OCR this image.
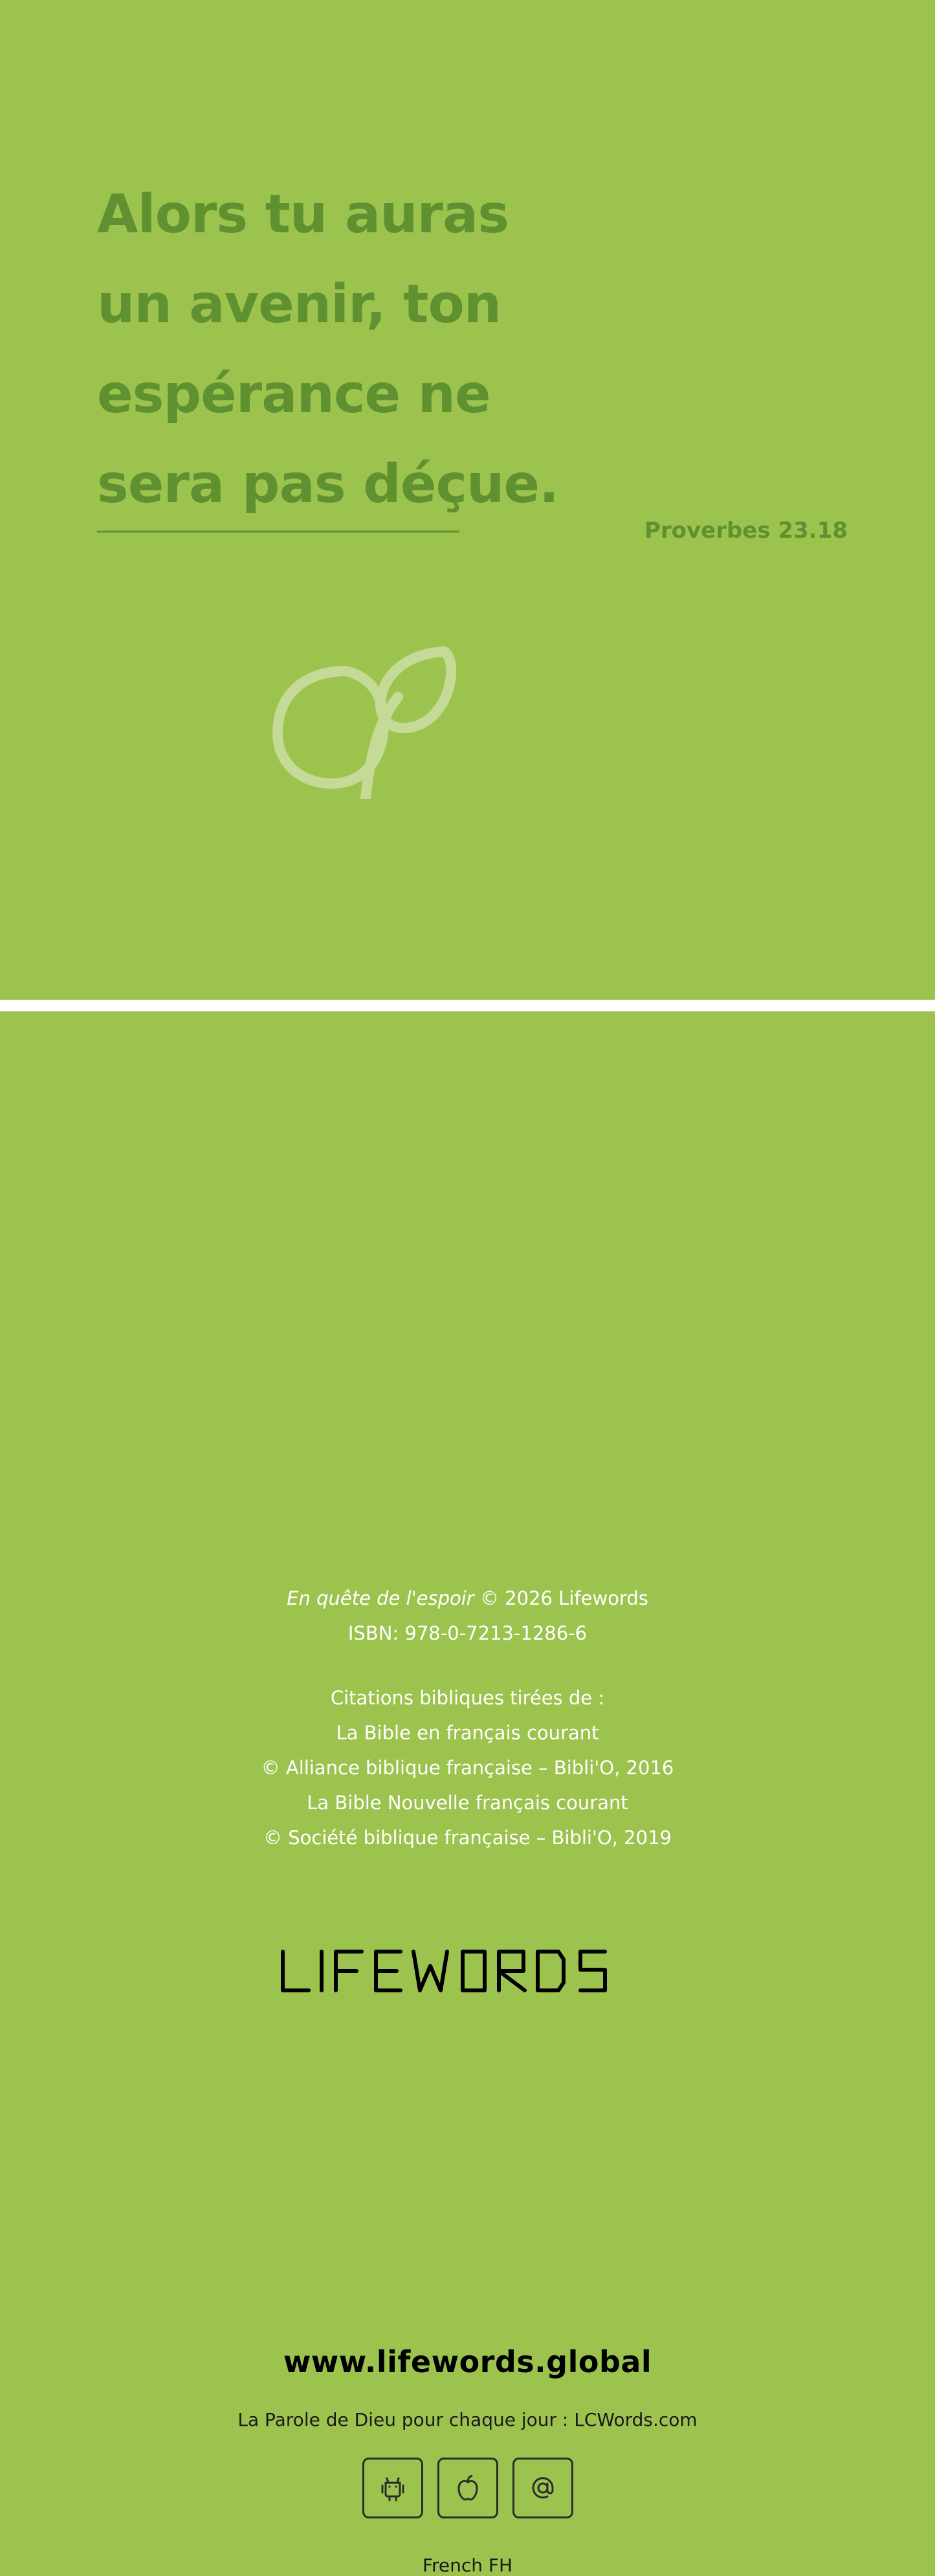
Alors tu auras
un avenir, ton
espérance ne
sera pas déçue.
Proverbes 23.18
En quête de l'espoir © 2026 Lifewords
ISBN: 978-0-7213-1286-6
Citations bibliques tirées de :
La Bible en français courant
© Alliance biblique française – Bibli'O, 2016
La Bible Nouvelle français courant
© Société biblique française – Bibli'O, 2019
www.lifewords.global
La Parole de Dieu pour chaque jour : LCWords.com
French FH
